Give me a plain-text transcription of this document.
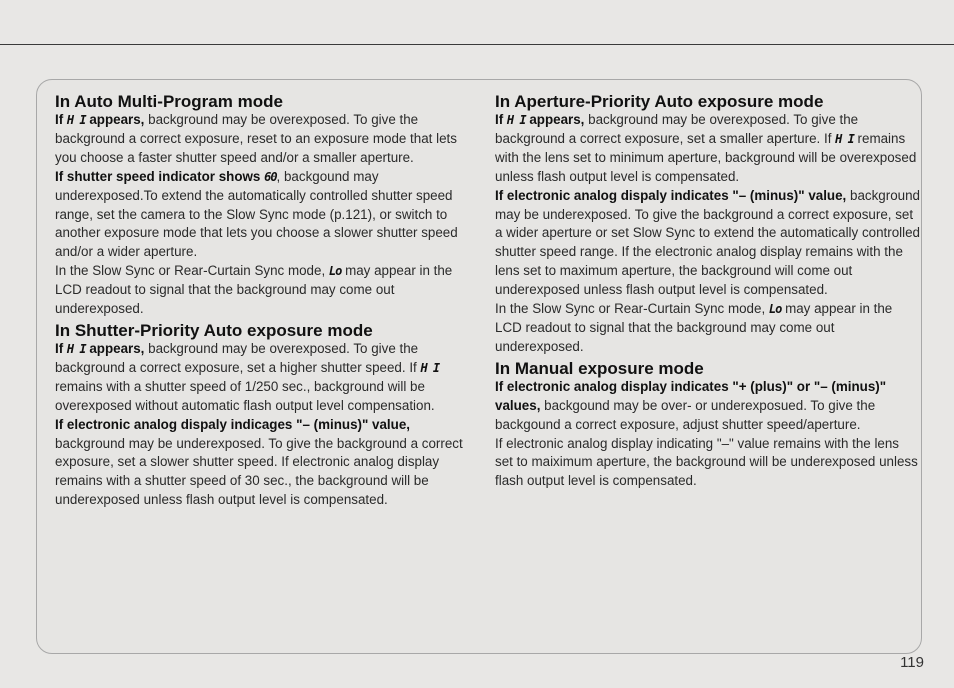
In Auto Multi-Program mode

If H I appears, background may be overexposed. To give the background a correct exposure, reset to an exposure mode that lets you choose a faster shutter speed and/or a smaller aperture.

If shutter speed indicator shows 60, backgound may underexposed.To extend the automatically controlled shutter speed range, set the camera to the Slow Sync mode (p.121), or switch to another exposure mode that lets you choose a slower shutter speed and/or a wider aperture.

In the Slow Sync or Rear-Curtain Sync mode, Lo may appear in the LCD readout to signal that the background may come out underexposed.

In Shutter-Priority Auto exposure mode

If H I appears, background may be overexposed. To give the background a correct exposure, set a higher shutter speed. If H I remains with a shutter speed of 1/250 sec., background will be overexposed without automatic flash output level compensation.

If electronic analog dispaly indicages "– (minus)" value, background may be underexposed. To give the background a correct exposure, set a slower shutter speed. If electronic analog display remains with a shutter speed of 30 sec., the background will be underexposed unless flash output level is compensated.

In Aperture-Priority Auto exposure mode

If H I appears, background may be overexposed. To give the background a correct exposure, set a smaller aperture. If H I remains with the lens set to minimum aperture, background will be overexposed unless flash output level is compensated.

If electronic analog dispaly indicates "– (minus)" value, background may be underexposed. To give the background a correct exposure, set a wider aperture or set Slow Sync to extend the automatically controlled shutter speed range. If the electronic analog display remains with the lens set to maximum aperture, the background will come out underexposed unless flash output level is compensated.

In the Slow Sync or Rear-Curtain Sync mode, Lo may appear in the LCD readout to signal that the background may come out underexposed.

In Manual exposure mode

If electronic analog display indicates "+ (plus)" or "– (minus)" values, backgound may be over- or underexposued. To give the backgound a correct exposure, adjust shutter speed/aperture.

If electronic analog display indicating "–" value remains with the lens set to maiximum aperture, the background will be underexposed unless flash output level is compensated.

119
